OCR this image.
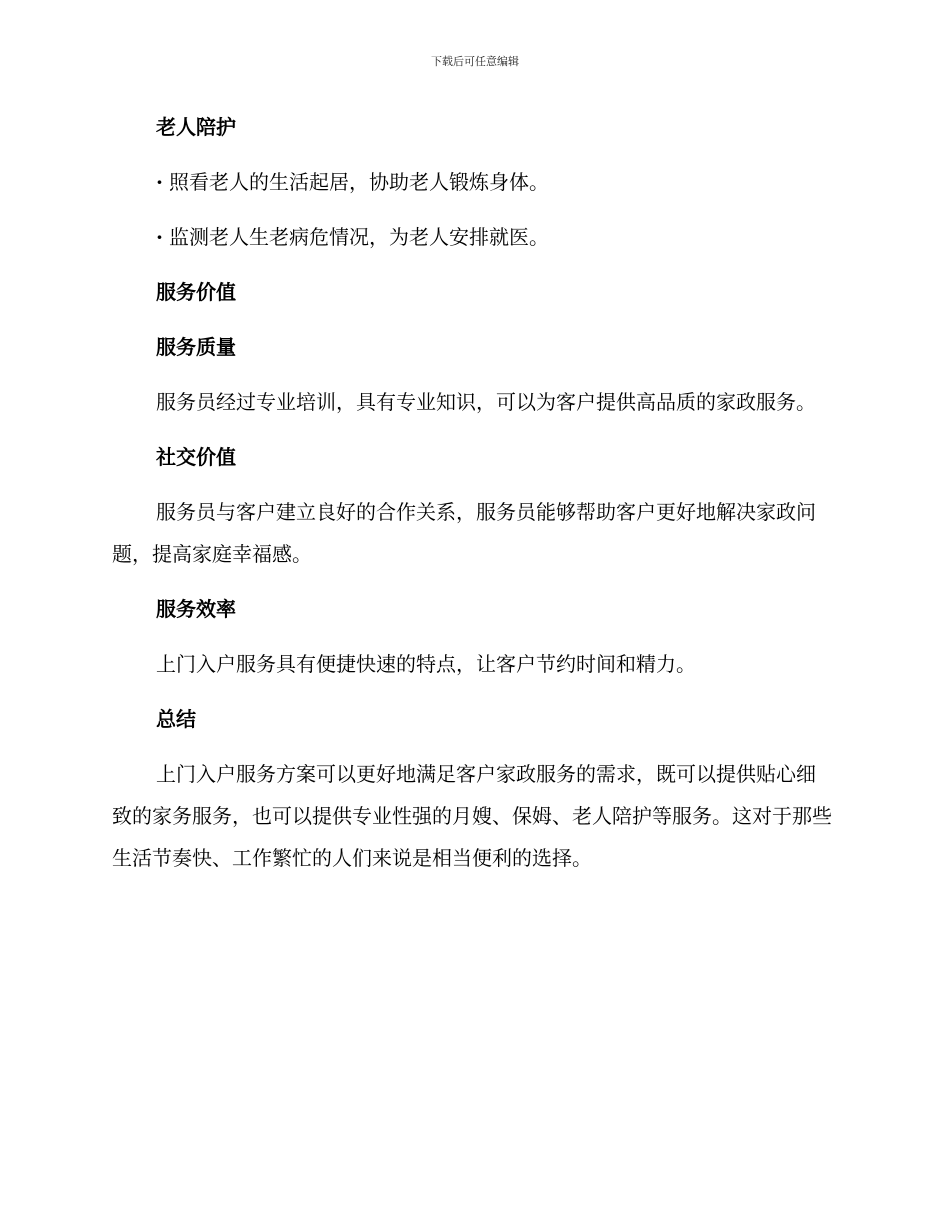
下载后可任意编辑
老人陪护
· 照看老人的生活起居，协助老人锻炼身体。
· 监测老人生老病危情况，为老人安排就医。
服务价值
服务质量
服务员经过专业培训，具有专业知识，可以为客户提供高品质的家政服务。
社交价值
服务员与客户建立良好的合作关系，服务员能够帮助客户更好地解决家政问题，提高家庭幸福感。
服务效率
上门入户服务具有便捷快速的特点，让客户节约时间和精力。
总结
上门入户服务方案可以更好地满足客户家政服务的需求，既可以提供贴心细致的家务服务，也可以提供专业性强的月嫂、保姆、老人陪护等服务。这对于那些生活节奏快、工作繁忙的人们来说是相当便利的选择。
